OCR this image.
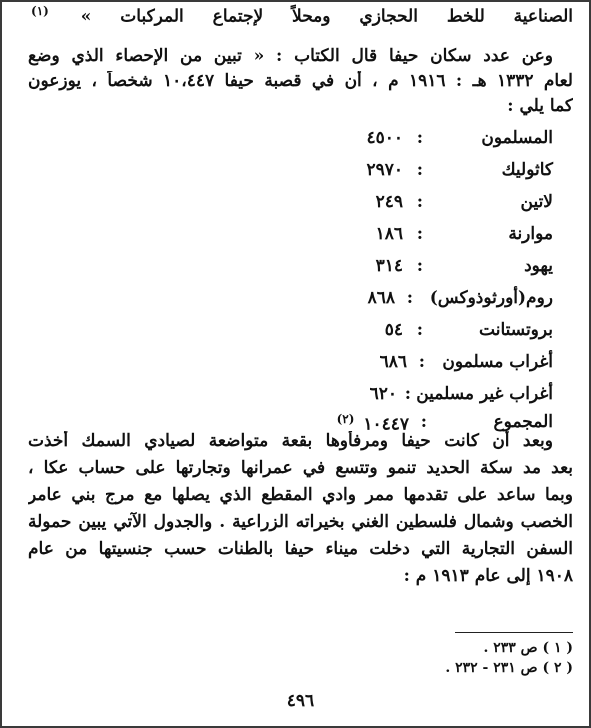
الصناعية للخط الحجازي ومحلاً لإجتماع المركبات » $^{(١)}$
وعن عدد سكان حيفا قال الكتاب : « تبين من الإحصاء الذي وضع
لعام ١٣٣٢ هـ : ١٩١٦ م ، أن في قصبة حيفا ١٠،٤٤٧ شخصاً ، يوزعون
كما يلي :
المسلمون
:
٤٥٠٠
كاثوليك
:
٢٩٧٠
لاتين
:
٢٤٩
موارنة
:
١٨٦
يهود
:
٣١٤
روم(أورثوذوكس)
:
٨٦٨
بروتستانت
:
٥٤
أغراب مسلمون
:
٦٨٦
أغراب غير مسلمين
:
٦٢٠
المجموع
:
١٠٤٤٧ $^{(٢)}$
وبعد أن كانت حيفا ومرفأوها بقعة متواضعة لصيادي السمك أخذت
بعد مد سكة الحديد تنمو وتتسع في عمرانها وتجارتها على حساب عكا ،
وبما ساعد على تقدمها ممر وادي المقطع الذي يصلها مع مرج بني عامر
الخصب وشمال فلسطين الغني بخيراته الزراعية . والجدول الآتي يبين حمولة
السفن التجارية التي دخلت ميناء حيفا بالطنات حسب جنسيتها من عام
١٩٠٨ إلى عام ١٩١٣ م :
( ١ ) ص ٢٣٣ .
( ٢ ) ص ٢٣١ - ٢٣٢ .
٤٩٦
